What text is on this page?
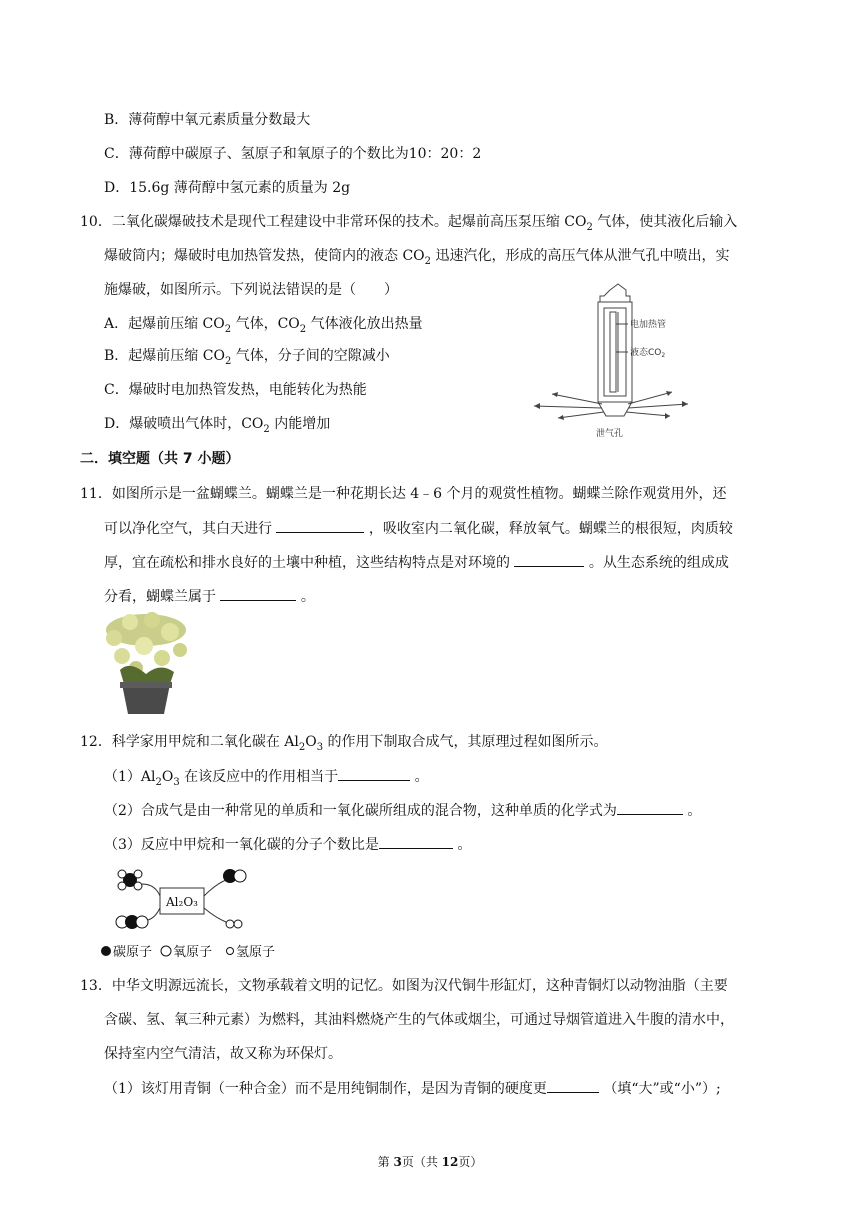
B．薄荷醇中氧元素质量分数最大
C．薄荷醇中碳原子、氢原子和氧原子的个数比为10：20：2
D．15.6g 薄荷醇中氢元素的质量为 2g
10．二氧化碳爆破技术是现代工程建设中非常环保的技术。起爆前高压泵压缩 $CO_2$ 气体，使其液化后输入
爆破筒内；爆破时电加热管发热，使筒内的液态 $CO_2$ 迅速汽化，形成的高压气体从泄气孔中喷出，实
施爆破，如图所示。下列说法错误的是（　　）
A．起爆前压缩 $CO_2$ 气体，$CO_2$ 气体液化放出热量
B．起爆前压缩 $CO_2$ 气体，分子间的空隙减小
C．爆破时电加热管发热，电能转化为热能
D．爆破喷出气体时，$CO_2$ 内能增加
电加热管
液态$CO_2$
泄气孔
二．填空题（共 7 小题）
11．如图所示是一盆蝴蝶兰。蝴蝶兰是一种花期长达 4﹣6 个月的观赏性植物。蝴蝶兰除作观赏用外，还
可以净化空气，其白天进行	，吸收室内二氧化碳，释放氧气。蝴蝶兰的根很短，肉质较
厚，宜在疏松和排水良好的土壤中种植，这些结构特点是对环境的	。从生态系统的组成成
分看，蝴蝶兰属于	。
12．科学家用甲烷和二氧化碳在 $Al_2O_3$ 的作用下制取合成气，其原理过程如图所示。
$(1)Al_2O_3$ 在该反应中的作用相当于	。
（2）合成气是由一种常见的单质和一氧化碳所组成的混合物，这种单质的化学式为	。
（3）反应中甲烷和一氧化碳的分子个数比是	。
Al₂O₃
碳原子 氧原子 氢原子
13．中华文明源远流长，文物承载着文明的记忆。如图为汉代铜牛形缸灯，这种青铜灯以动物油脂（主要
含碳、氢、氧三种元素）为燃料，其油料燃烧产生的气体或烟尘，可通过导烟管道进入牛腹的清水中，
保持室内空气清洁，故又称为环保灯。
（1）该灯用青铜（一种合金）而不是用纯铜制作，是因为青铜的硬度更	（填“大”或“小”）;
第 3页（共 12页）
